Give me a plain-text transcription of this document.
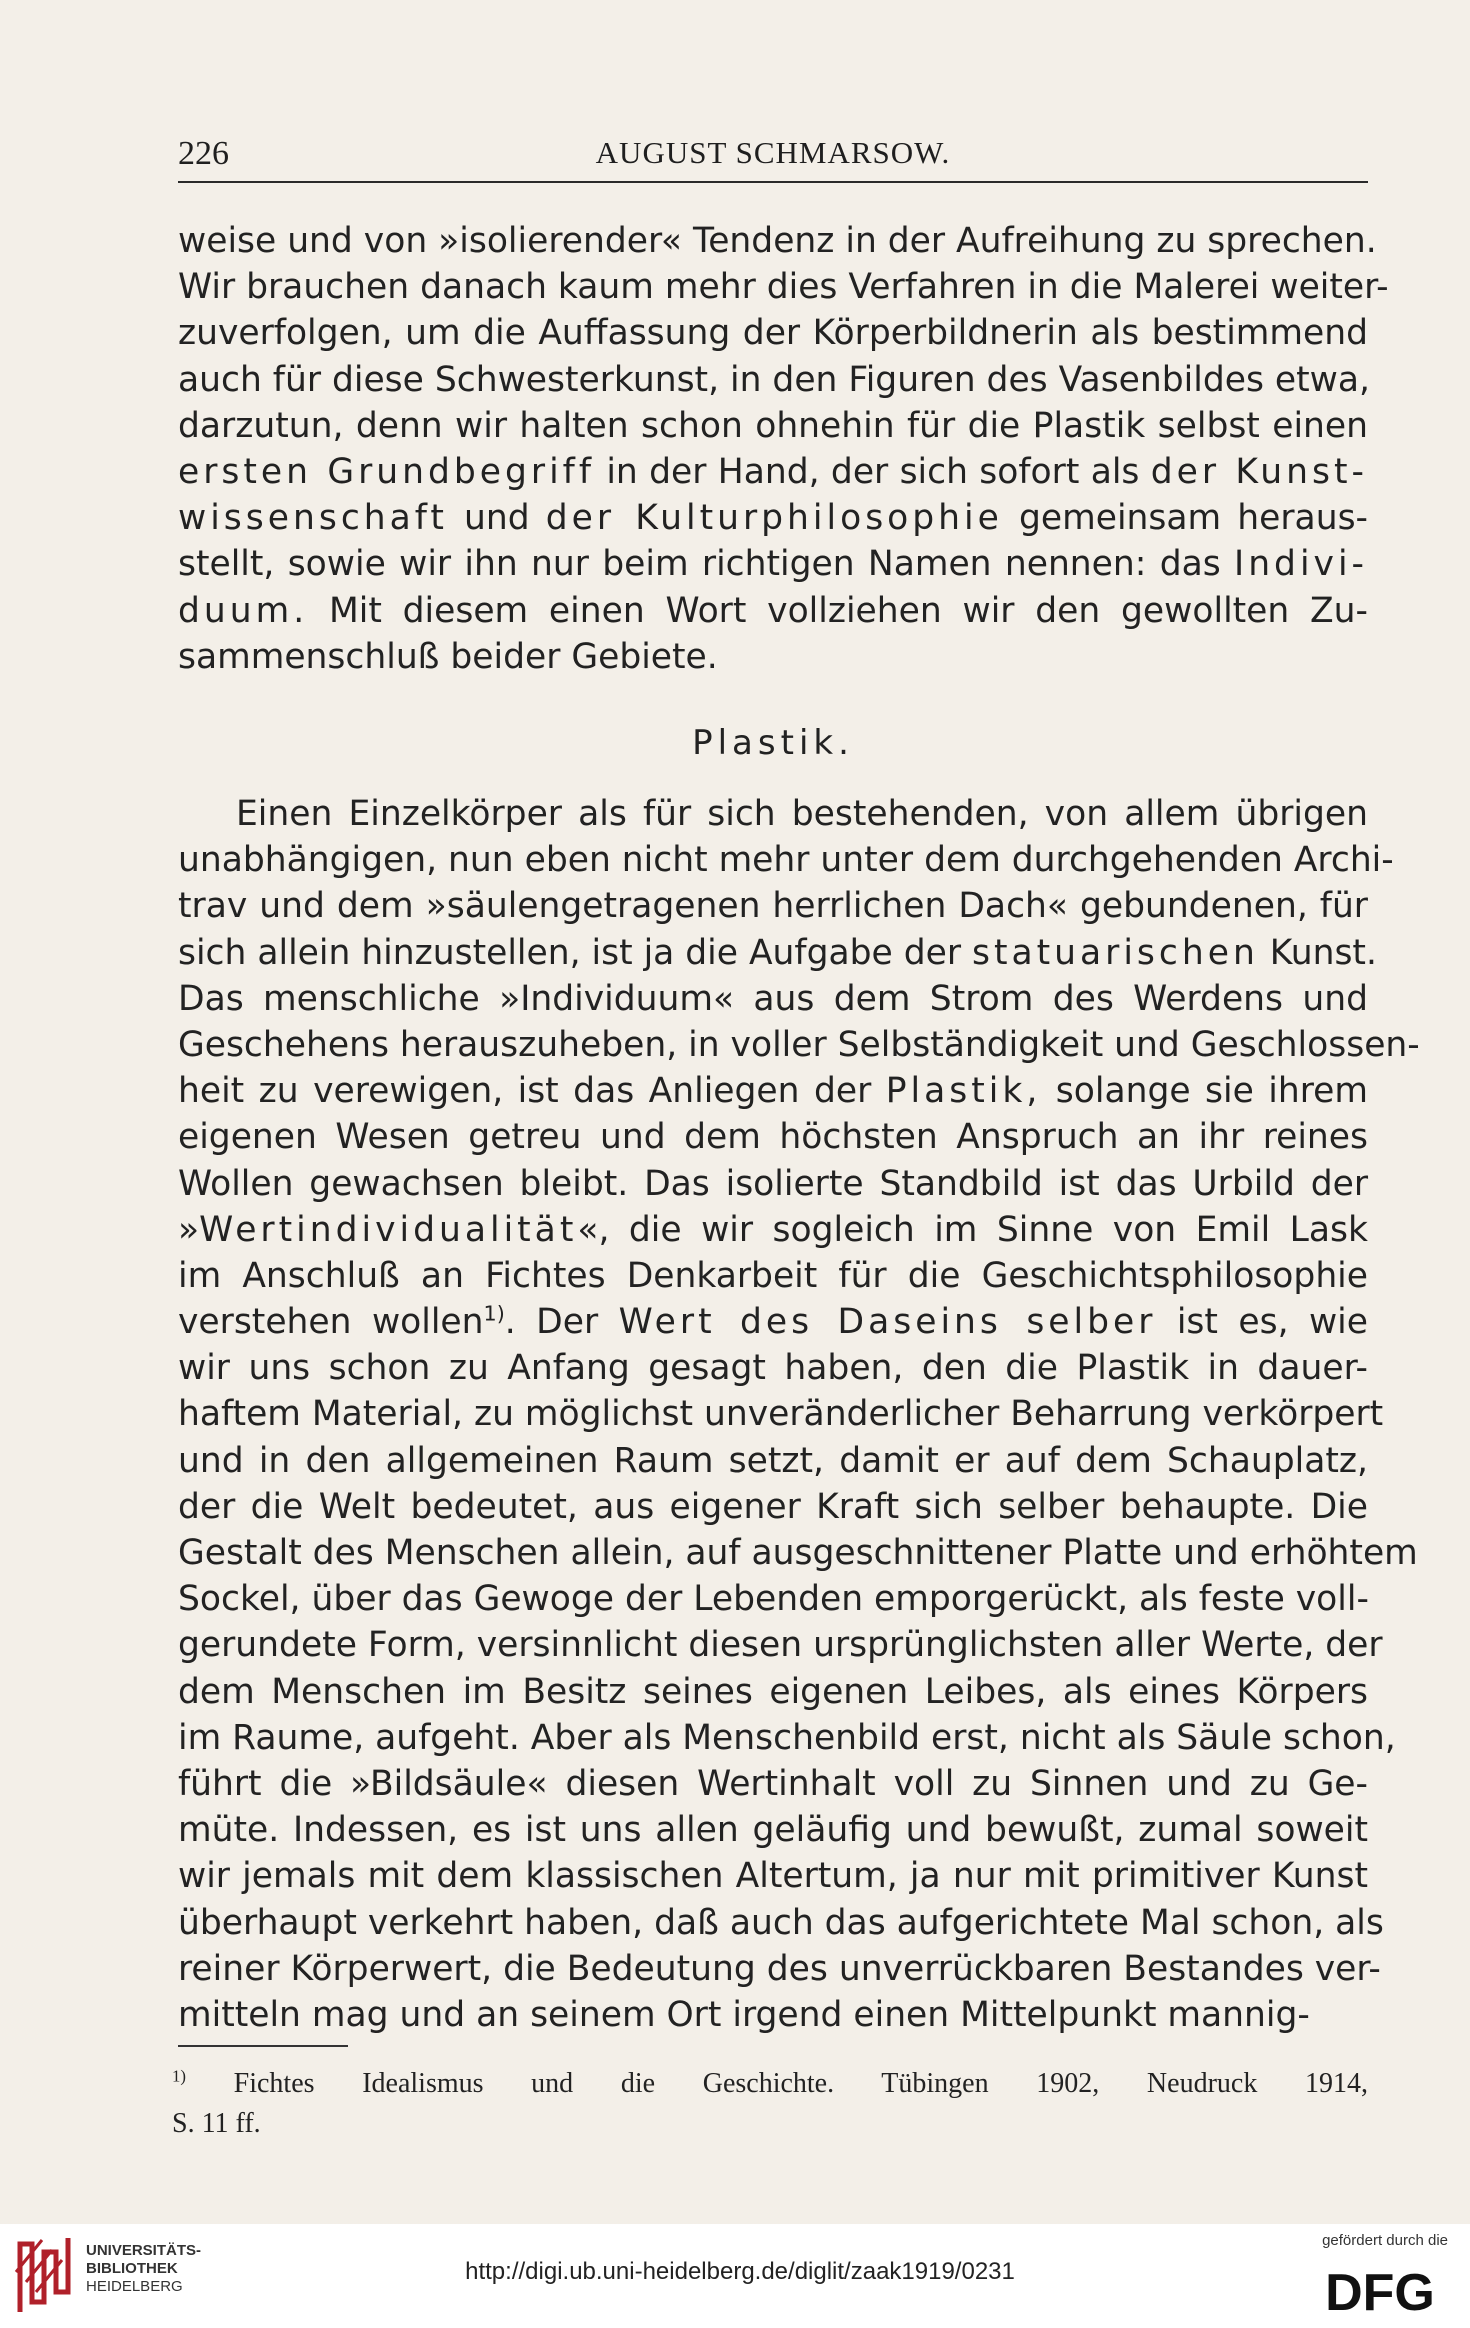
226	AUGUST SCHMARSOW.
weise und von »isolierender« Tendenz in der Aufreihung zu sprechen.
Wir brauchen danach kaum mehr dies Verfahren in die Malerei weiter-
zuverfolgen, um die Auffassung der Körperbildnerin als bestimmend
auch für diese Schwesterkunst, in den Figuren des Vasenbildes etwa,
darzutun, denn wir halten schon ohnehin für die Plastik selbst einen
ersten Grundbegriff in der Hand, der sich sofort als der Kunst-
wissenschaft und der Kulturphilosophie gemeinsam heraus-
stellt, sowie wir ihn nur beim richtigen Namen nennen: das Indivi-
duum. Mit diesem einen Wort vollziehen wir den gewollten Zu-
sammenschluß beider Gebiete.
Plastik.
Einen Einzelkörper als für sich bestehenden, von allem übrigen
unabhängigen, nun eben nicht mehr unter dem durchgehenden Archi-
trav und dem »säulengetragenen herrlichen Dach« gebundenen, für
sich allein hinzustellen, ist ja die Aufgabe der statuarischen Kunst.
Das menschliche »Individuum« aus dem Strom des Werdens und
Geschehens herauszuheben, in voller Selbständigkeit und Geschlossen-
heit zu verewigen, ist das Anliegen der Plastik, solange sie ihrem
eigenen Wesen getreu und dem höchsten Anspruch an ihr reines
Wollen gewachsen bleibt. Das isolierte Standbild ist das Urbild der
»Wertindividualität«, die wir sogleich im Sinne von Emil Lask
im Anschluß an Fichtes Denkarbeit für die Geschichtsphilosophie
verstehen wollen$^{1)}$. Der Wert des Daseins selber ist es, wie
wir uns schon zu Anfang gesagt haben, den die Plastik in dauer-
haftem Material, zu möglichst unveränderlicher Beharrung verkörpert
und in den allgemeinen Raum setzt, damit er auf dem Schauplatz,
der die Welt bedeutet, aus eigener Kraft sich selber behaupte. Die
Gestalt des Menschen allein, auf ausgeschnittener Platte und erhöhtem
Sockel, über das Gewoge der Lebenden emporgerückt, als feste voll-
gerundete Form, versinnlicht diesen ursprünglichsten aller Werte, der
dem Menschen im Besitz seines eigenen Leibes, als eines Körpers
im Raume, aufgeht. Aber als Menschenbild erst, nicht als Säule schon,
führt die »Bildsäule« diesen Wertinhalt voll zu Sinnen und zu Ge-
müte. Indessen, es ist uns allen geläufig und bewußt, zumal soweit
wir jemals mit dem klassischen Altertum, ja nur mit primitiver Kunst
überhaupt verkehrt haben, daß auch das aufgerichtete Mal schon, als
reiner Körperwert, die Bedeutung des unverrückbaren Bestandes ver-
mitteln mag und an seinem Ort irgend einen Mittelpunkt mannig-
$^{1)}$ Fichtes Idealismus und die Geschichte. Tübingen 1902, Neudruck 1914,
S. 11 ff.
UNIVERSITÄTS-
BIBLIOTHEK
HEIDELBERG
http://digi.ub.uni-heidelberg.de/diglit/zaak1919/0231
gefördert durch die
DFG
